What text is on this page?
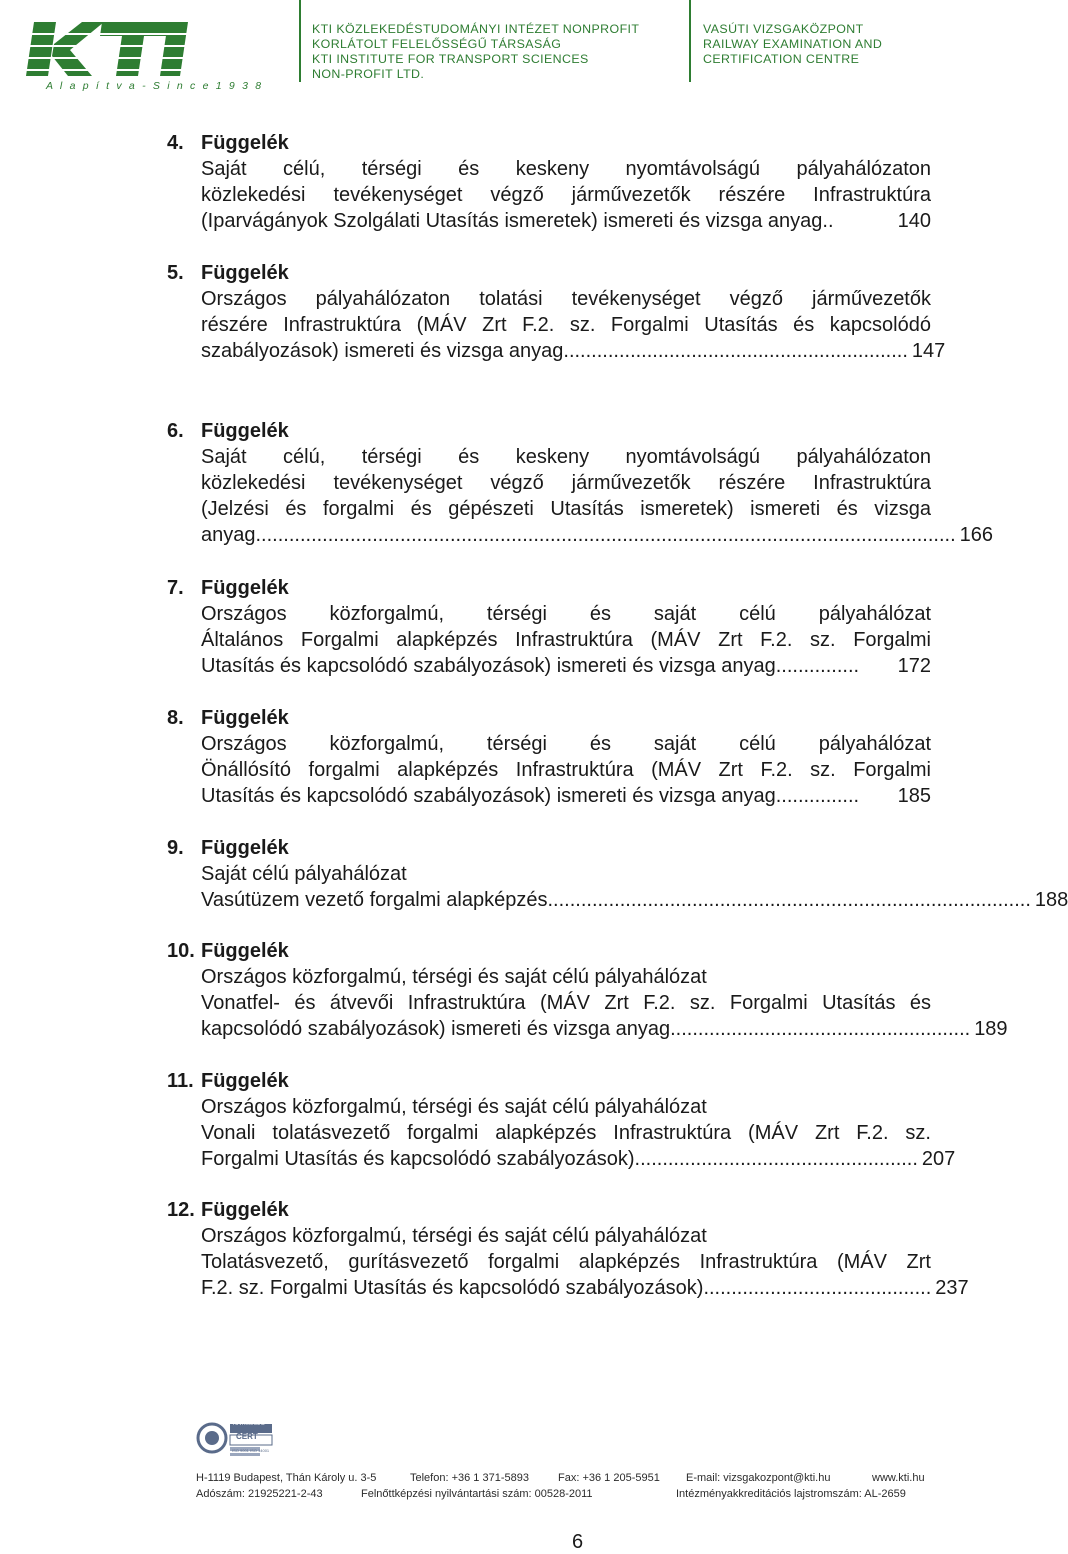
A l a p í t v a - S i n c e 1 9 3 8
KTI KÖZLEKEDÉSTUDOMÁNYI INTÉZET NONPROFIT
KORLÁTOLT FELELŐSSÉGŰ TÁRSASÁG
KTI INSTITUTE FOR TRANSPORT SCIENCES
NON-PROFIT LTD.
VASÚTI VIZSGAKÖZPONT
RAILWAY EXAMINATION AND
CERTIFICATION CENTRE
4. Függelék
Saját célú, térségi és keskeny nyomtávolságú pályahálózaton
közlekedési tevékenységet végző járművezetők részére Infrastruktúra
(Iparvágányok Szolgálati Utasítás ismeretek) ismereti és vizsga anyag. .	140
5. Függelék
Országos pályahálózaton tolatási tevékenységet végző járművezetők
részére Infrastruktúra (MÁV Zrt F.2. sz. Forgalmi Utasítás és kapcsolódó
szabályozások) ismereti és vizsga anyag .............................................................. 147
6. Függelék
Saját célú, térségi és keskeny nyomtávolságú pályahálózaton
közlekedési tevékenységet végző járművezetők részére Infrastruktúra
(Jelzési és forgalmi és gépészeti Utasítás ismeretek) ismereti és vizsga
anyag .............................................................................................................................. 166
7. Függelék
Országos közforgalmú, térségi és saját célú pályahálózat
Általános Forgalmi alapképzés Infrastruktúra (MÁV Zrt F.2. sz. Forgalmi
Utasítás és kapcsolódó szabályozások) ismereti és vizsga anyag ...............	172
8. Függelék
Országos közforgalmú, térségi és saját célú pályahálózat
Önállósító forgalmi alapképzés Infrastruktúra (MÁV Zrt F.2. sz. Forgalmi
Utasítás és kapcsolódó szabályozások) ismereti és vizsga anyag ...............	185
9. Függelék
Saját célú pályahálózat
Vasútüzem vezető forgalmi alapképzés ....................................................................................... 188
10. Függelék
Országos közforgalmú, térségi és saját célú pályahálózat
Vonatfel- és átvevői Infrastruktúra (MÁV Zrt F.2. sz. Forgalmi Utasítás és
kapcsolódó szabályozások) ismereti és vizsga anyag ...................................................... 189
11. Függelék
Országos közforgalmú, térségi és saját célú pályahálózat
Vonali tolatásvezető forgalmi alapképzés Infrastruktúra (MÁV Zrt F.2. sz.
Forgalmi Utasítás és kapcsolódó szabályozások) ................................................... 207
12. Függelék
Országos közforgalmú, térségi és saját célú pályahálózat
Tolatásvezető, gurításvezető forgalmi alapképzés Infrastruktúra (MÁV Zrt
F.2. sz. Forgalmi Utasítás és kapcsolódó szabályozások) ......................................... 237
TÜVRheinland
CERT
ISO 9001 ISO 14001
H-1119 Budapest, Thán Károly u. 3-5	Telefon: +36 1 371-5893	Fax: +36 1 205-5951 E-mail: vizsgakozpont@kti.hu	www.kti.hu
Adószám: 21925221-2-43	Felnőttképzési nyilvántartási szám: 00528-2011	Intézményakkreditációs lajstromszám: AL-2659
6
